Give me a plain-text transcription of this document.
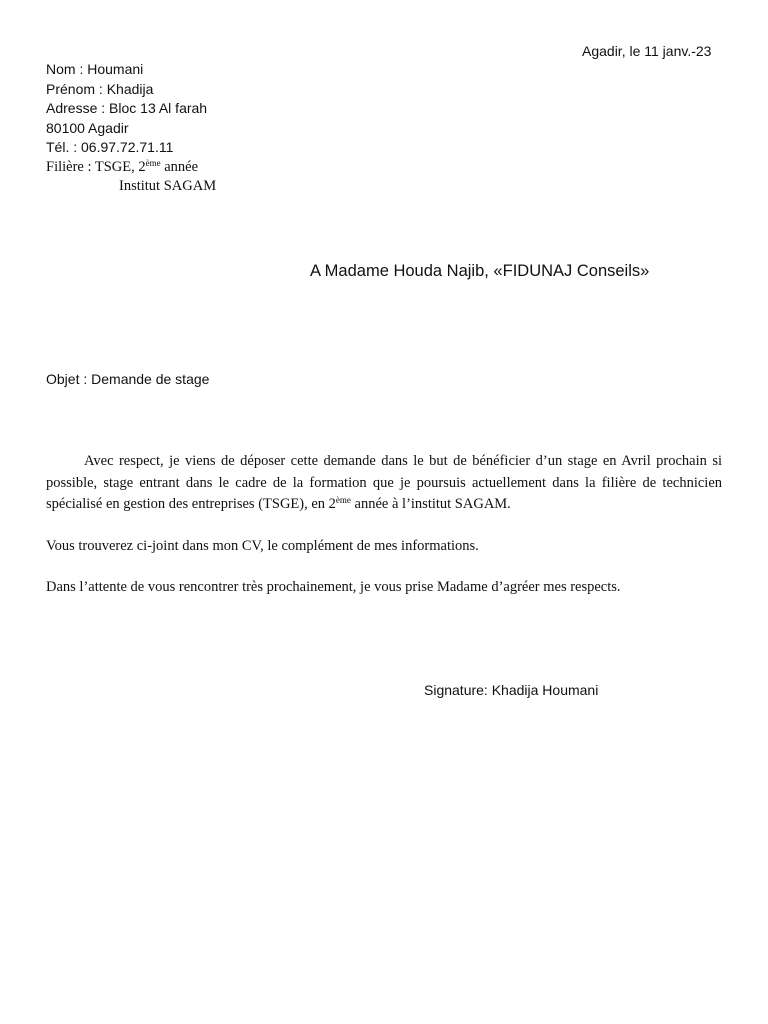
Agadir, le 11 janv.-23
Nom : Houmani
Prénom : Khadija
Adresse : Bloc 13 Al farah
80100 Agadir
Tél. : 06.97.72.71.11
Filière : TSGE, 2ème année
Institut SAGAM
A Madame Houda Najib, «FIDUNAJ Conseils»
Objet : Demande de stage
Avec respect, je viens de déposer cette demande dans le but de bénéficier d’un stage en Avril prochain si possible, stage entrant dans le cadre de la formation que je poursuis actuellement dans la filière de technicien spécialisé en gestion des entreprises (TSGE), en 2ème année à l’institut SAGAM.
Vous trouverez ci-joint dans mon CV, le complément de mes informations.
Dans l’attente de vous rencontrer très prochainement, je vous prise Madame d’agréer mes respects.
Signature: Khadija Houmani
